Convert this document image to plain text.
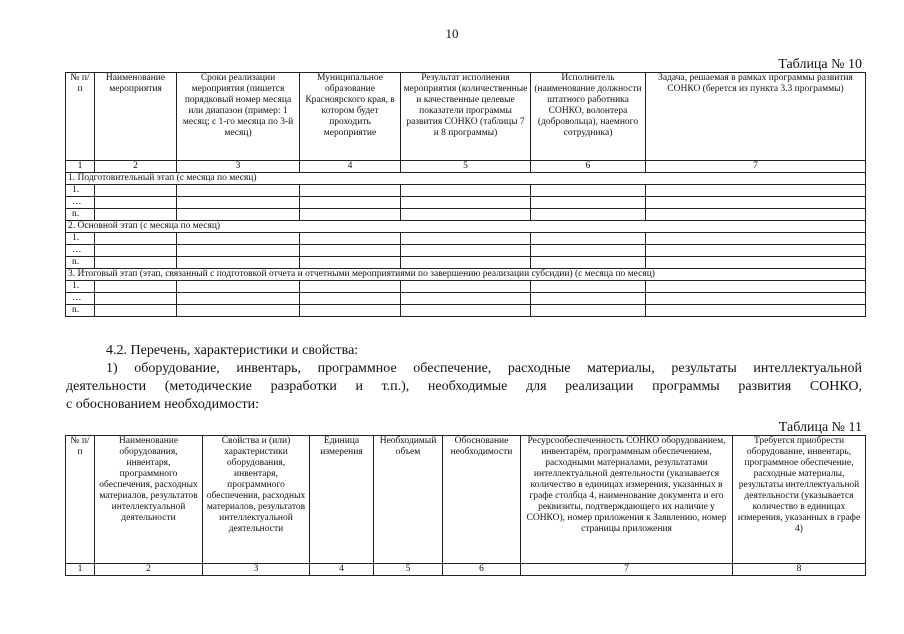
10
Таблица № 10
№ п/п	Наименование мероприятия	Сроки реализации мероприятия (пишется порядковый номер месяца или диапазон (пример: 1 месяц; с 1-го месяца по 3-й месяц)	Муниципальное образование Красноярского края, в котором будет проходить мероприятие	Результат исполнения мероприятия (количественные и качественные целевые показатели программы развития СОНКО (таблицы 7 и 8 программы)	Исполнитель (наименование должности штатного работника СОНКО, волонтера (добровольца), наемного сотрудника)	Задача, решаемая в рамках программы развития СОНКО (берется из пункта 3.3 программы)
1	2	3	4	5	6	7
1. Подготовительный этап (с месяца по месяц)						
1.						
…						
n.						
2. Основной этап (с месяца по месяц)						
1.						
…						
n.						
3. Итоговый этап (этап, связанный с подготовкой отчета и отчетными мероприятиями по завершению реализации субсидии) (с месяца по месяц)						
1.						
…						
n.						
4.2. Перечень, характеристики и свойства:
1) оборудование, инвентарь, программное обеспечение, расходные материалы, результаты интеллектуальной
деятельности (методические разработки и т.п.), необходимые для реализации программы развития СОНКО,
с обоснованием необходимости:
Таблица № 11
№ п/п	Наименование оборудования, инвентаря, программного обеспечения, расходных материалов, результатов интеллектуальной деятельности	Свойства и (или) характеристики оборудования, инвентаря, программного обеспечения, расходных материалов, результатов интеллектуальной деятельности	Единица измерения	Необходимый объем	Обоснование необходимости	Ресурсообеспеченность СОНКО оборудованием, инвентарём, программным обеспечением, расходными материалами, результатами интеллектуальной деятельности (указывается количество в единицах измерения, указанных в графе столбца 4, наименование документа и его реквизиты, подтверждающего их наличие у СОНКО), номер приложения к Заявлению, номер страницы приложения	Требуется приобрести оборудование, инвентарь, программное обеспечение, расходные материалы, результаты интеллектуальной деятельности (указывается количество в единицах измерения, указанных в графе 4)
1	2	3	4	5	6	7	8
